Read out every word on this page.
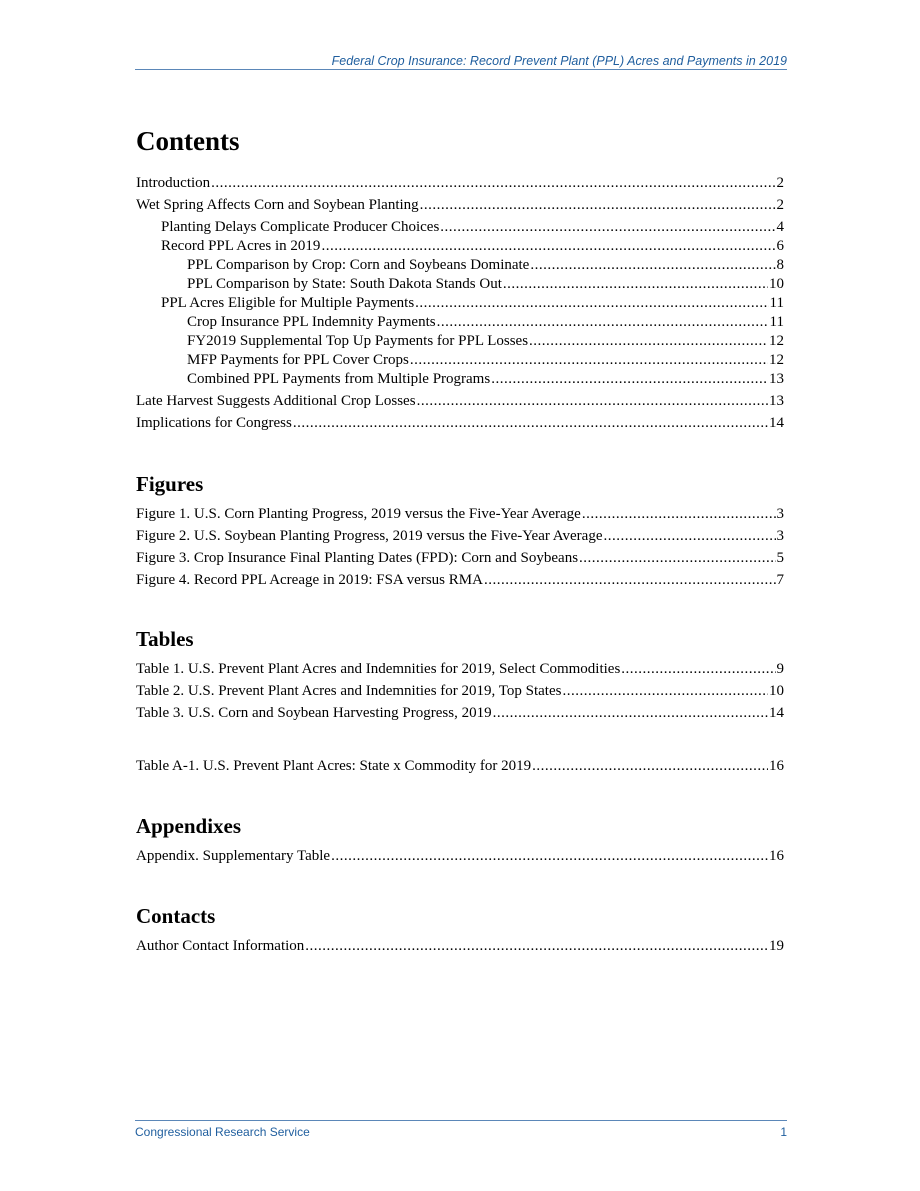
Federal Crop Insurance: Record Prevent Plant (PPL) Acres and Payments in 2019
Contents
Introduction .....	2
Wet Spring Affects Corn and Soybean Planting .....	2
Planting Delays Complicate Producer Choices .....	4
Record PPL Acres in 2019 .....	6
PPL Comparison by Crop: Corn and Soybeans Dominate .....	8
PPL Comparison by State: South Dakota Stands Out .....	10
PPL Acres Eligible for Multiple Payments .....	11
Crop Insurance PPL Indemnity Payments .....	11
FY2019 Supplemental Top Up Payments for PPL Losses .....	12
MFP Payments for PPL Cover Crops .....	12
Combined PPL Payments from Multiple Programs .....	13
Late Harvest Suggests Additional Crop Losses .....	13
Implications for Congress .....	14
Figures
Figure 1. U.S. Corn Planting Progress, 2019 versus the Five-Year Average .....	3
Figure 2. U.S. Soybean Planting Progress, 2019 versus the Five-Year Average .....	3
Figure 3. Crop Insurance Final Planting Dates (FPD): Corn and Soybeans .....	5
Figure 4. Record PPL Acreage in 2019: FSA versus RMA .....	7
Tables
Table 1. U.S. Prevent Plant Acres and Indemnities for 2019, Select Commodities .....	9
Table 2. U.S. Prevent Plant Acres and Indemnities for 2019, Top States .....	10
Table 3. U.S. Corn and Soybean Harvesting Progress, 2019 .....	14
Table A-1. U.S. Prevent Plant Acres: State x Commodity for 2019 .....	16
Appendixes
Appendix. Supplementary Table .....	16
Contacts
Author Contact Information .....	19
Congressional Research Service	1
